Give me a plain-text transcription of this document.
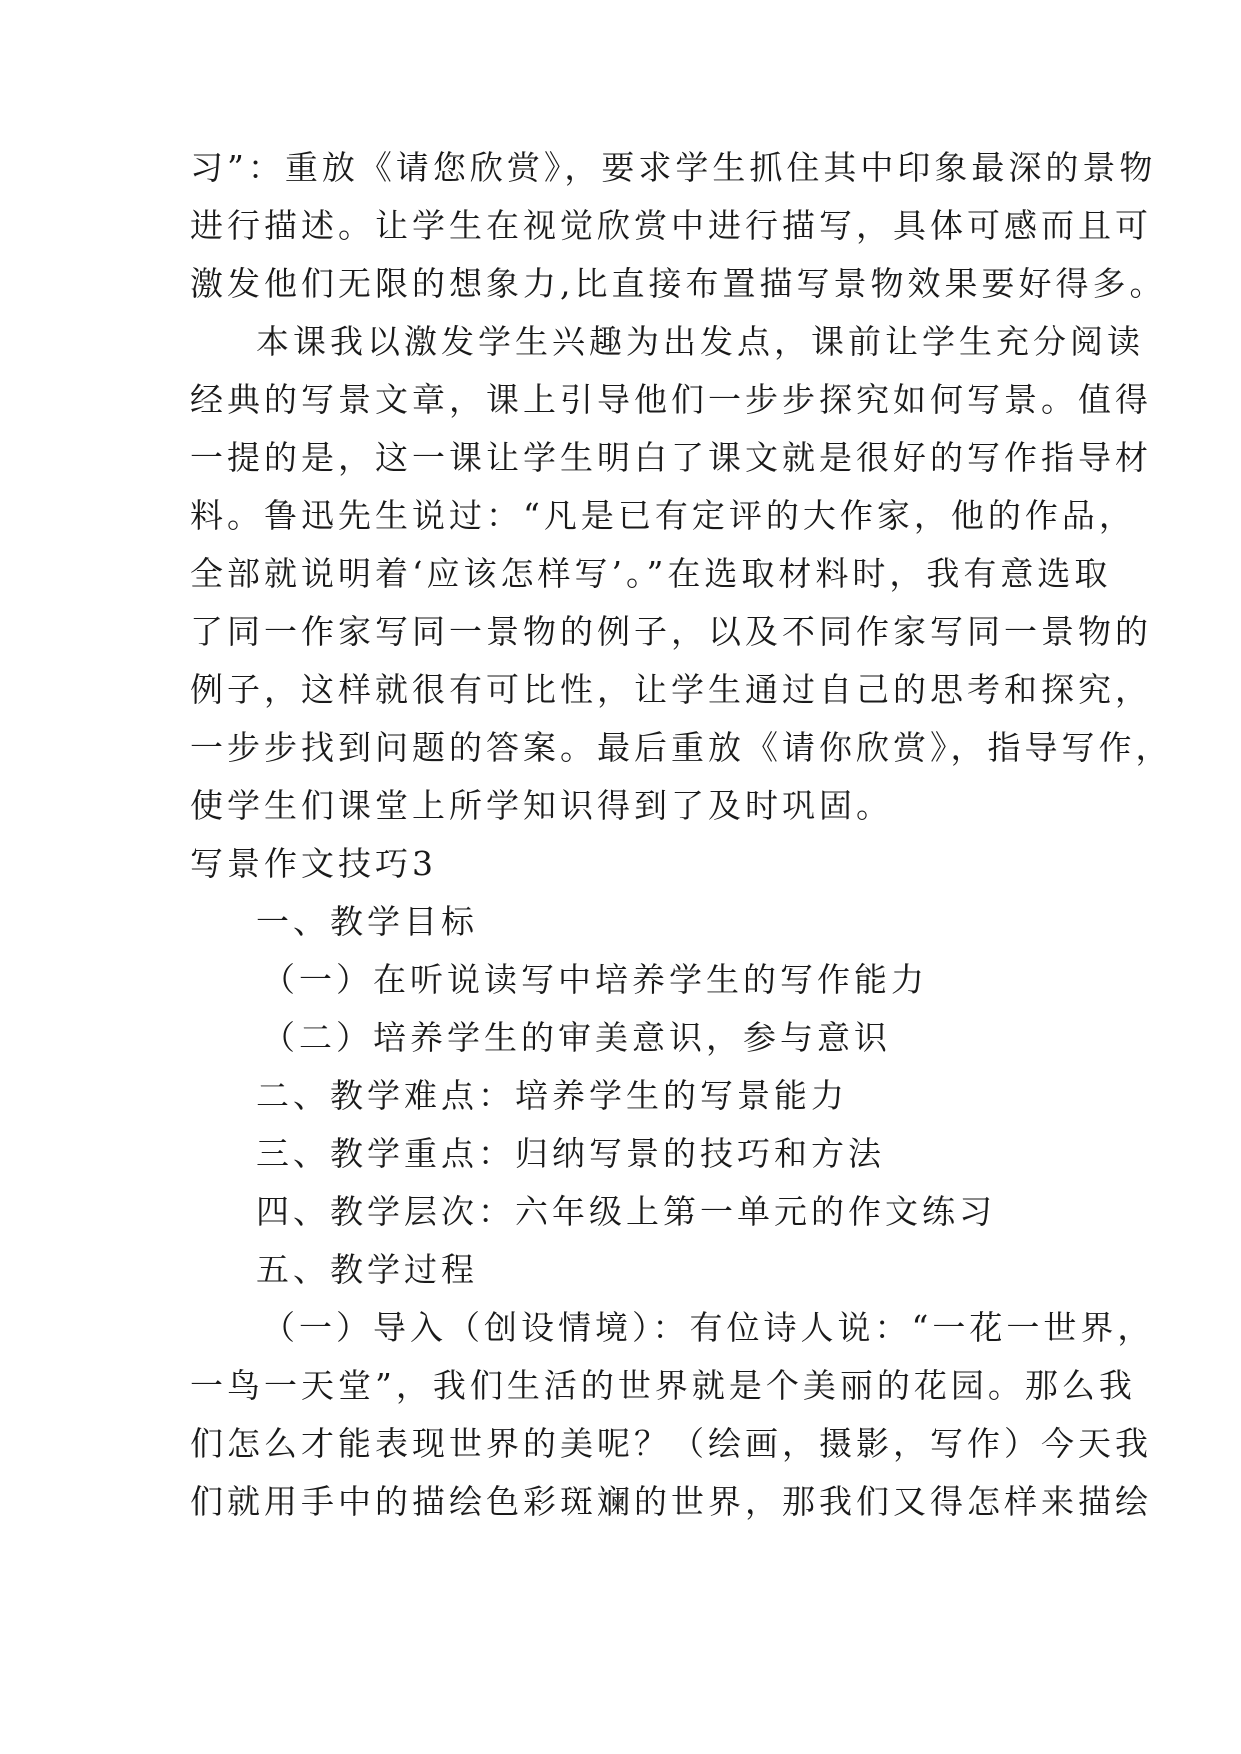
习”：重放《请您欣赏》，要求学生抓住其中印象最深的景物
进行描述。让学生在视觉欣赏中进行描写，具体可感而且可
激发他们无限的想象力,比直接布置描写景物效果要好得多。
本课我以激发学生兴趣为出发点，课前让学生充分阅读
经典的写景文章，课上引导他们一步步探究如何写景。值得
一提的是，这一课让学生明白了课文就是很好的写作指导材
料。鲁迅先生说过：“凡是已有定评的大作家，他的作品，
全部就说明着‘应该怎样写’。”在选取材料时，我有意选取
了同一作家写同一景物的例子，以及不同作家写同一景物的
例子，这样就很有可比性，让学生通过自己的思考和探究，
一步步找到问题的答案。最后重放《请你欣赏》，指导写作，
使学生们课堂上所学知识得到了及时巩固。
写景作文技巧3
一、教学目标
（一）在听说读写中培养学生的写作能力
（二）培养学生的审美意识，参与意识
二、教学难点：培养学生的写景能力
三、教学重点：归纳写景的技巧和方法
四、教学层次：六年级上第一单元的作文练习
五、教学过程
（一）导入（创设情境）：有位诗人说：“一花一世界，
一鸟一天堂”，我们生活的世界就是个美丽的花园。那么我
们怎么才能表现世界的美呢？（绘画，摄影，写作）今天我
们就用手中的描绘色彩斑斓的世界，那我们又得怎样来描绘
